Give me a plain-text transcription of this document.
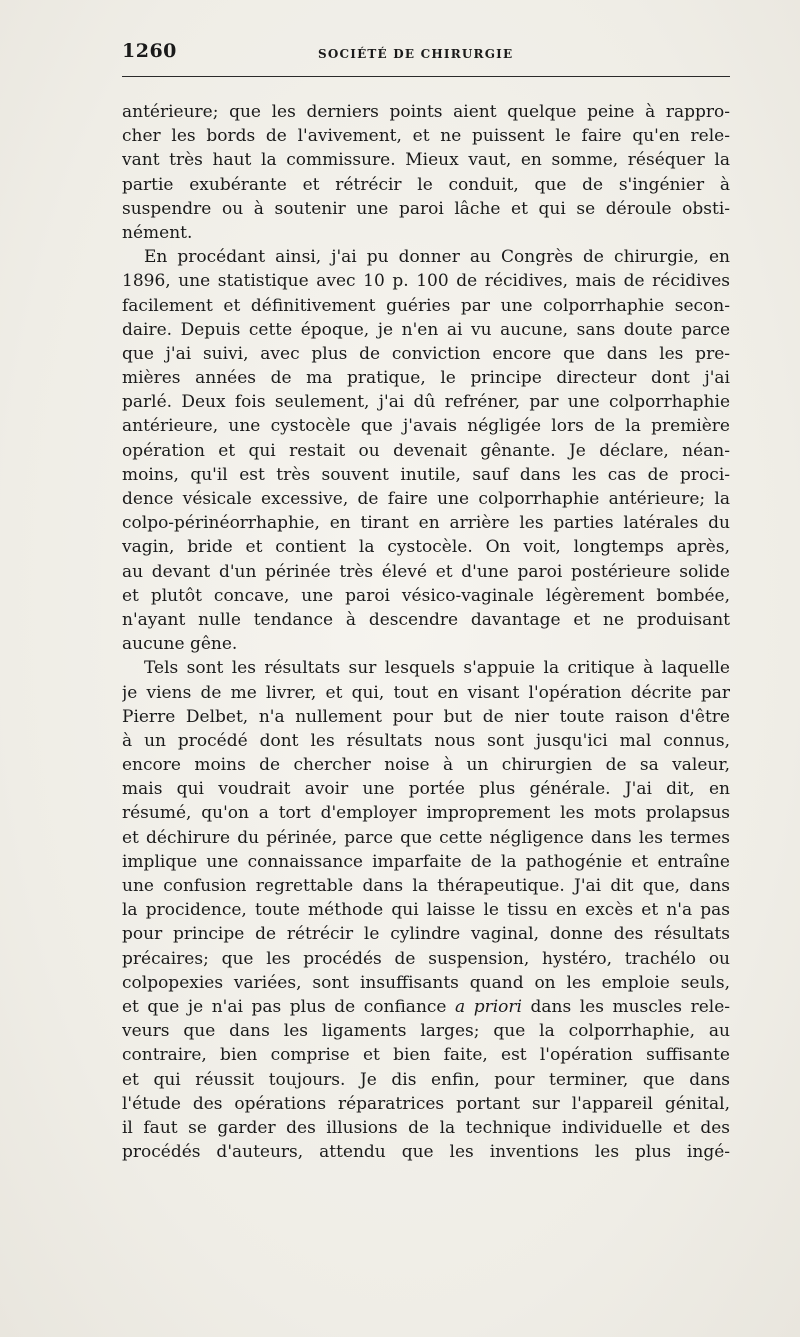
1260	SOCIÉTÉ DE CHIRURGIE
antérieure; que les derniers points aient quelque peine à rappro-
cher les bords de l'avivement, et ne puissent le faire qu'en rele-
vant très haut la commissure. Mieux vaut, en somme, réséquer la
partie exubérante et rétrécir le conduit, que de s'ingénier à
suspendre ou à soutenir une paroi lâche et qui se déroule obsti-
nément.
En procédant ainsi, j'ai pu donner au Congrès de chirurgie, en
1896, une statistique avec 10 p. 100 de récidives, mais de récidives
facilement et définitivement guéries par une colporrhaphie secon-
daire. Depuis cette époque, je n'en ai vu aucune, sans doute parce
que j'ai suivi, avec plus de conviction encore que dans les pre-
mières années de ma pratique, le principe directeur dont j'ai
parlé. Deux fois seulement, j'ai dû refréner, par une colporrhaphie
antérieure, une cystocèle que j'avais négligée lors de la première
opération et qui restait ou devenait gênante. Je déclare, néan-
moins, qu'il est très souvent inutile, sauf dans les cas de proci-
dence vésicale excessive, de faire une colporrhaphie antérieure; la
colpo-périnéorrhaphie, en tirant en arrière les parties latérales du
vagin, bride et contient la cystocèle. On voit, longtemps après,
au devant d'un périnée très élevé et d'une paroi postérieure solide
et plutôt concave, une paroi vésico-vaginale légèrement bombée,
n'ayant nulle tendance à descendre davantage et ne produisant
aucune gêne.
Tels sont les résultats sur lesquels s'appuie la critique à laquelle
je viens de me livrer, et qui, tout en visant l'opération décrite par
Pierre Delbet, n'a nullement pour but de nier toute raison d'être
à un procédé dont les résultats nous sont jusqu'ici mal connus,
encore moins de chercher noise à un chirurgien de sa valeur,
mais qui voudrait avoir une portée plus générale. J'ai dit, en
résumé, qu'on a tort d'employer improprement les mots prolapsus
et déchirure du périnée, parce que cette négligence dans les termes
implique une connaissance imparfaite de la pathogénie et entraîne
une confusion regrettable dans la thérapeutique. J'ai dit que, dans
la procidence, toute méthode qui laisse le tissu en excès et n'a pas
pour principe de rétrécir le cylindre vaginal, donne des résultats
précaires; que les procédés de suspension, hystéro, trachélo ou
colpopexies variées, sont insuffisants quand on les emploie seuls,
et que je n'ai pas plus de confiance a priori dans les muscles rele-
veurs que dans les ligaments larges; que la colporrhaphie, au
contraire, bien comprise et bien faite, est l'opération suffisante
et qui réussit toujours. Je dis enfin, pour terminer, que dans
l'étude des opérations réparatrices portant sur l'appareil génital,
il faut se garder des illusions de la technique individuelle et des
procédés d'auteurs, attendu que les inventions les plus ingé-
